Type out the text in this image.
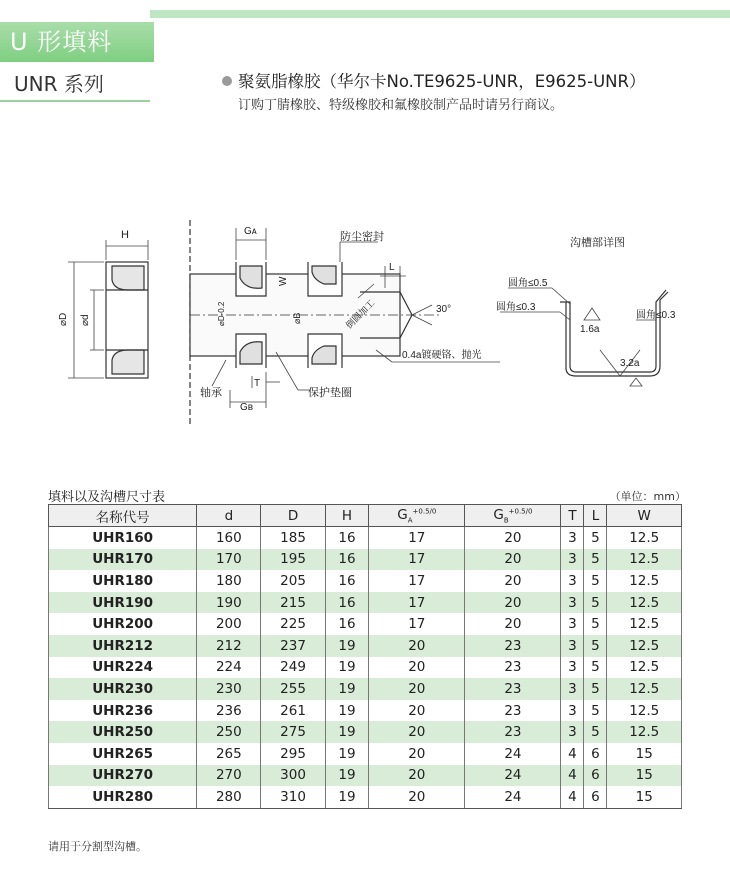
U 形填料
UNR 系列	聚氨脂橡胶（华尔卡No.TE9625-UNR，E9625-UNR）
订购丁腈橡胶、特级橡胶和氟橡胶制产品时请另行商议。
H
⌀D ⌀d
Gᴀ
Gʙ
T
W
L
⌀D-0.2	⌀B
防尘密封
倒圆加工	30°
0.4a镀硬铬、抛光
轴承	保护垫圈
沟槽部详图
圆角≤0.5
圆角≤0.3
圆角≤0.3
1.6a
3.2a
填料以及沟槽尺寸表	（单位：mm）
名称代号	d	D	H	$G_A^{+0.5/0}$	$G_B^{+0.5/0}$	T	L	W
UHR160	160	185	16	17	20	3	5	12.5
UHR170	170	195	16	17	20	3	5	12.5
UHR180	180	205	16	17	20	3	5	12.5
UHR190	190	215	16	17	20	3	5	12.5
UHR200	200	225	16	17	20	3	5	12.5
UHR212	212	237	19	20	23	3	5	12.5
UHR224	224	249	19	20	23	3	5	12.5
UHR230	230	255	19	20	23	3	5	12.5
UHR236	236	261	19	20	23	3	5	12.5
UHR250	250	275	19	20	23	3	5	12.5
UHR265	265	295	19	20	24	4	6	15
UHR270	270	300	19	20	24	4	6	15
UHR280	280	310	19	20	24	4	6	15
请用于分割型沟槽。
